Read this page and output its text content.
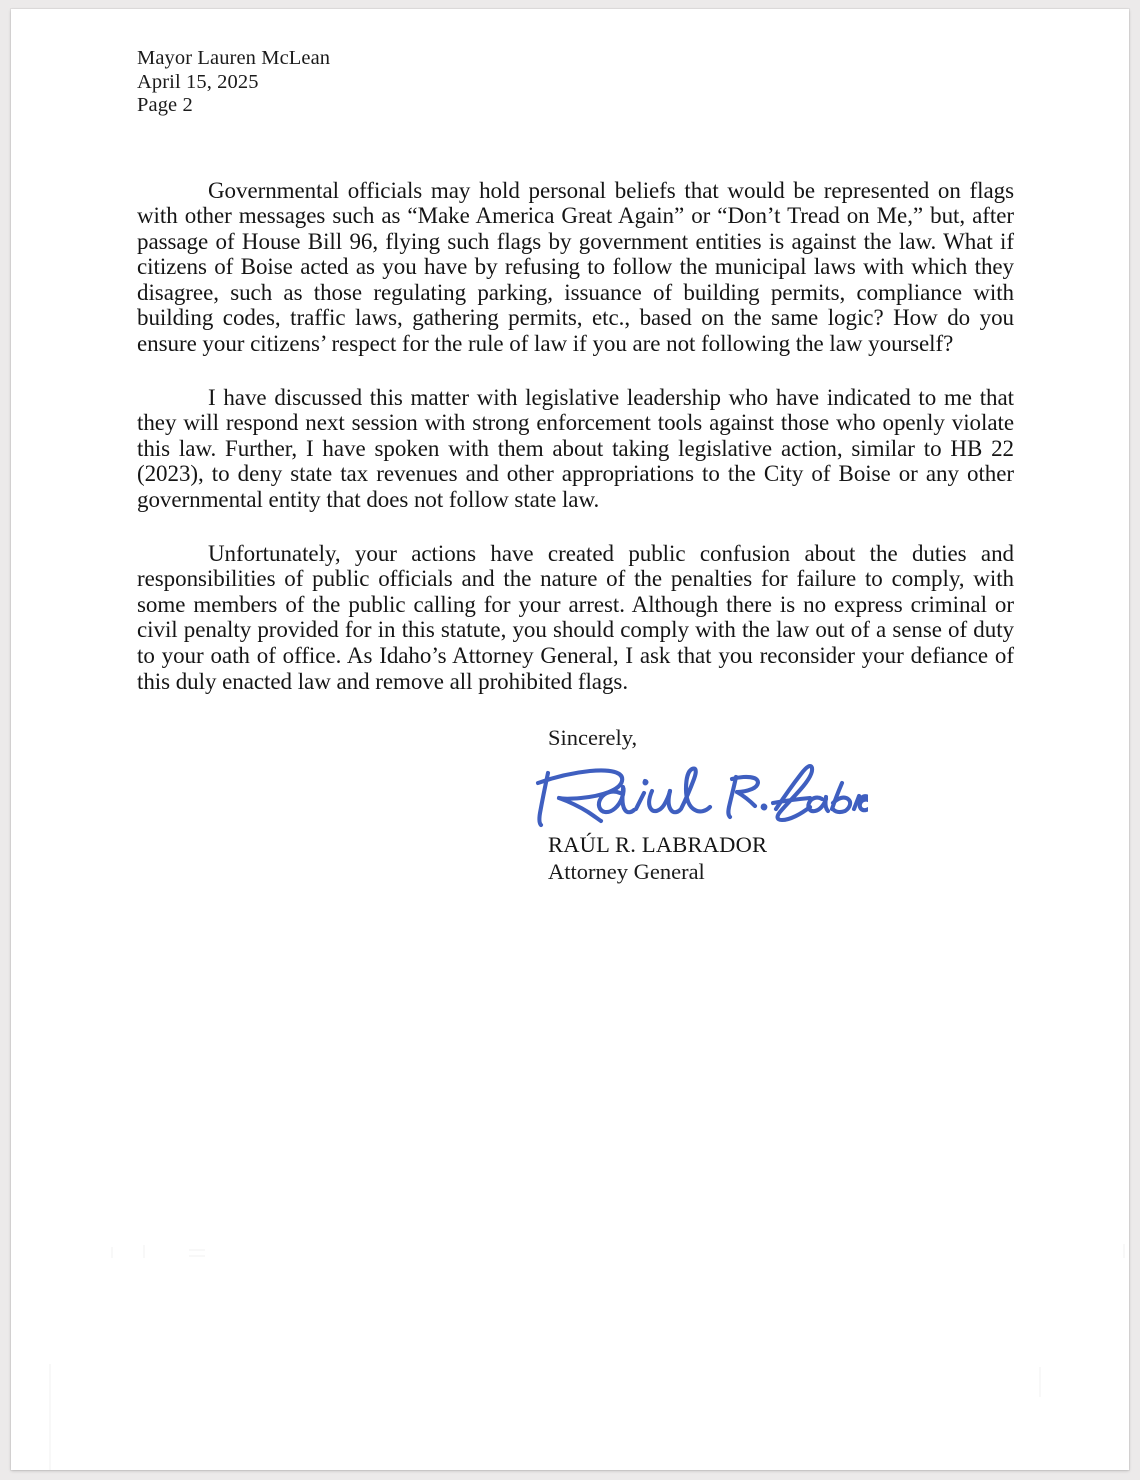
Mayor Lauren McLean
April 15, 2025
Page 2

Governmental officials may hold personal beliefs that would be represented on flags with other messages such as “Make America Great Again” or “Don’t Tread on Me,” but, after passage of House Bill 96, flying such flags by government entities is against the law. What if citizens of Boise acted as you have by refusing to follow the municipal laws with which they disagree, such as those regulating parking, issuance of building permits, compliance with building codes, traffic laws, gathering permits, etc., based on the same logic? How do you ensure your citizens’ respect for the rule of law if you are not following the law yourself?

I have discussed this matter with legislative leadership who have indicated to me that they will respond next session with strong enforcement tools against those who openly violate this law. Further, I have spoken with them about taking legislative action, similar to HB 22 (2023), to deny state tax revenues and other appropriations to the City of Boise or any other governmental entity that does not follow state law.

Unfortunately, your actions have created public confusion about the duties and responsibilities of public officials and the nature of the penalties for failure to comply, with some members of the public calling for your arrest. Although there is no express criminal or civil penalty provided for in this statute, you should comply with the law out of a sense of duty to your oath of office. As Idaho’s Attorney General, I ask that you reconsider your defiance of this duly enacted law and remove all prohibited flags.

Sincerely,
RAÚL R. LABRADOR
Attorney General
